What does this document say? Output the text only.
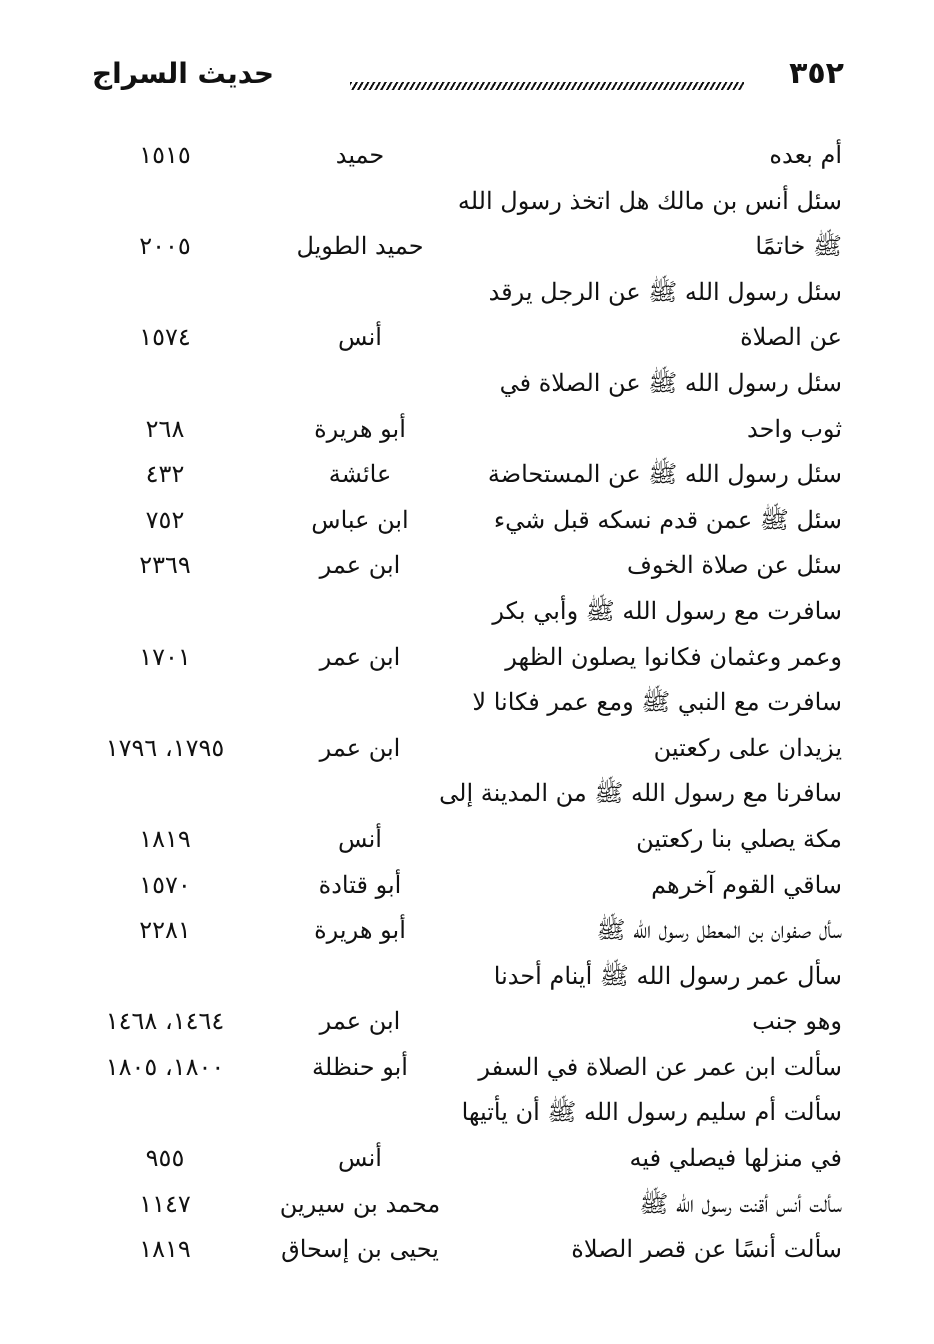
٣٥٢
حديث السراج
أم بعده
حميد
١٥١٥
سئل أنس بن مالك هل اتخذ رسول الله
ﷺ خاتمًا
حميد الطويل
٢٠٠٥
سئل رسول الله ﷺ عن الرجل يرقد
عن الصلاة
أنس
١٥٧٤
سئل رسول الله ﷺ عن الصلاة في
ثوب واحد
أبو هريرة
٢٦٨
سئل رسول الله ﷺ عن المستحاضة
عائشة
٤٣٢
سئل ﷺ عمن قدم نسكه قبل شيء
ابن عباس
٧٥٢
سئل عن صلاة الخوف
ابن عمر
٢٣٦٩
سافرت مع رسول الله ﷺ وأبي بكر
وعمر وعثمان فكانوا يصلون الظهر
ابن عمر
١٧٠١
سافرت مع النبي ﷺ ومع عمر فكانا لا
يزيدان على ركعتين
ابن عمر
١٧٩٥، ١٧٩٦
سافرنا مع رسول الله ﷺ من المدينة إلى
مكة يصلي بنا ركعتين
أنس
١٨١٩
ساقي القوم آخرهم
أبو قتادة
١٥٧٠
سأل صفوان بن المعطل رسول الله ﷺ
أبو هريرة
٢٢٨١
سأل عمر رسول الله ﷺ أينام أحدنا
وهو جنب
ابن عمر
١٤٦٤، ١٤٦٨
سألت ابن عمر عن الصلاة في السفر
أبو حنظلة
١٨٠٠، ١٨٠٥
سألت أم سليم رسول الله ﷺ أن يأتيها
في منزلها فيصلي فيه
أنس
٩٥٥
سألت أنس أقنت رسول الله ﷺ
محمد بن سيرين
١١٤٧
سألت أنسًا عن قصر الصلاة
يحيى بن إسحاق
١٨١٩
